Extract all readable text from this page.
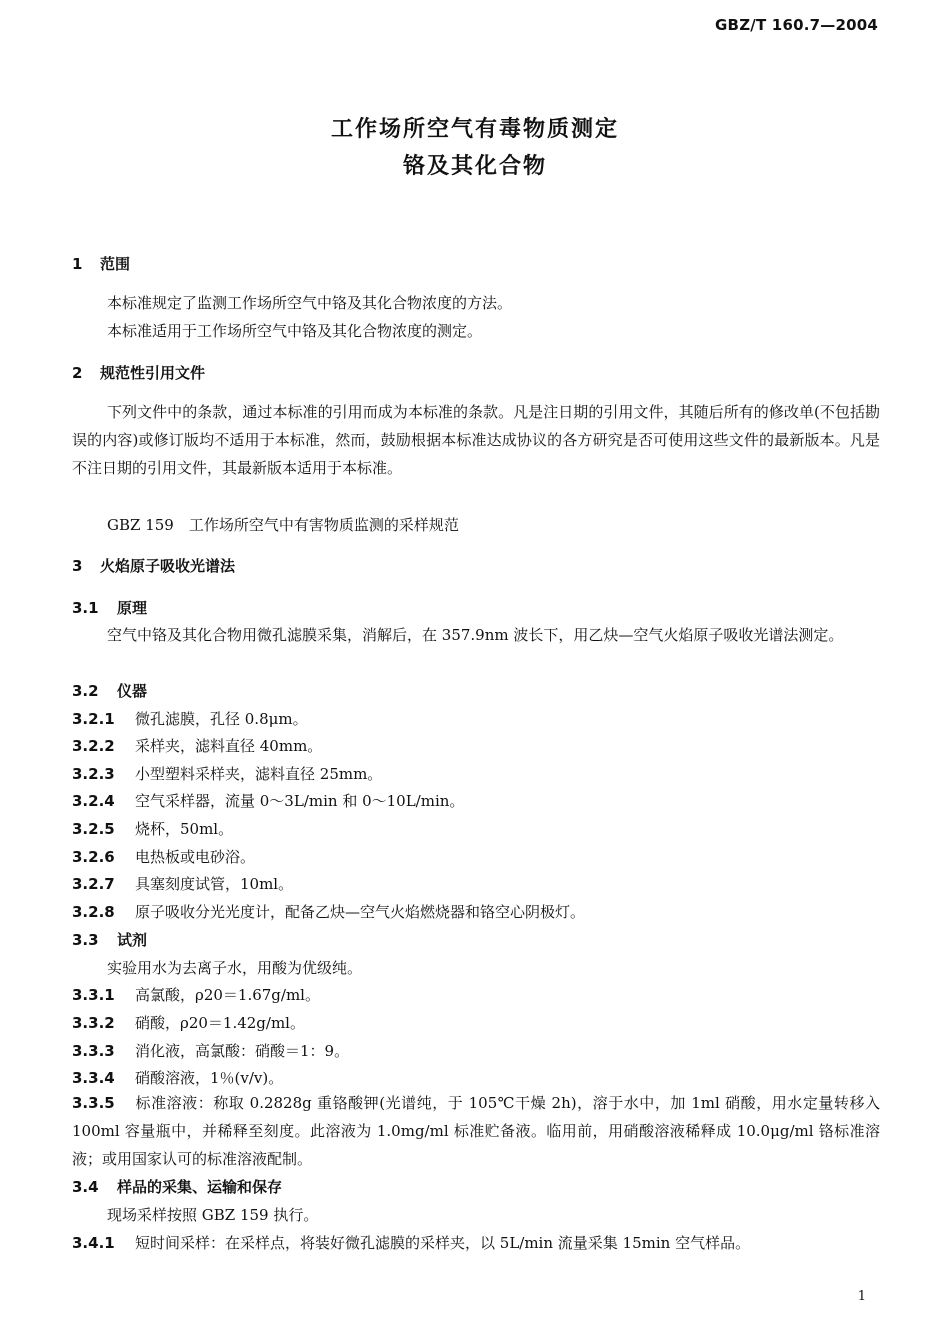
GBZ/T 160.7—2004
工作场所空气有毒物质测定
铬及其化合物
1 范围
本标准规定了监测工作场所空气中铬及其化合物浓度的方法。
本标准适用于工作场所空气中铬及其化合物浓度的测定。
2 规范性引用文件

下列文件中的条款，通过本标准的引用而成为本标准的条款。凡是注日期的引用文件，其随后所有的修改单(不包括勘误的内容)或修订版均不适用于本标准，然而，鼓励根据本标准达成协议的各方研究是否可使用这些文件的最新版本。凡是不注日期的引用文件，其最新版本适用于本标准。

GBZ 159　工作场所空气中有害物质监测的采样规范
3 火焰原子吸收光谱法
3.1 原理

空气中铬及其化合物用微孔滤膜采集，消解后，在 357.9nm 波长下，用乙炔—空气火焰原子吸收光谱法测定。

3.2 仪器
3.2.1 微孔滤膜，孔径 0.8μm。
3.2.2 采样夹，滤料直径 40mm。
3.2.3 小型塑料采样夹，滤料直径 25mm。
3.2.4 空气采样器，流量 0～3L/min 和 0～10L/min。
3.2.5 烧杯，50ml。
3.2.6 电热板或电砂浴。
3.2.7 具塞刻度试管，10ml。
3.2.8 原子吸收分光光度计，配备乙炔—空气火焰燃烧器和铬空心阴极灯。
3.3 试剂
实验用水为去离子水，用酸为优级纯。
3.3.1 高氯酸，ρ20＝1.67g/ml。
3.3.2 硝酸，ρ20＝1.42g/ml。
3.3.3 消化液，高氯酸：硝酸＝1：9。
3.3.4 硝酸溶液，1％(v/v)。

3.3.5 标准溶液：称取 0.2828g 重铬酸钾(光谱纯，于 105℃干燥 2h)，溶于水中，加 1ml 硝酸，用水定量转移入 100ml 容量瓶中，并稀释至刻度。此溶液为 1.0mg/ml 标准贮备液。临用前，用硝酸溶液稀释成 10.0μg/ml 铬标准溶液；或用国家认可的标准溶液配制。

3.4 样品的采集、运输和保存
现场采样按照 GBZ 159 执行。
3.4.1 短时间采样：在采样点，将装好微孔滤膜的采样夹，以 5L/min 流量采集 15min 空气样品。
1
